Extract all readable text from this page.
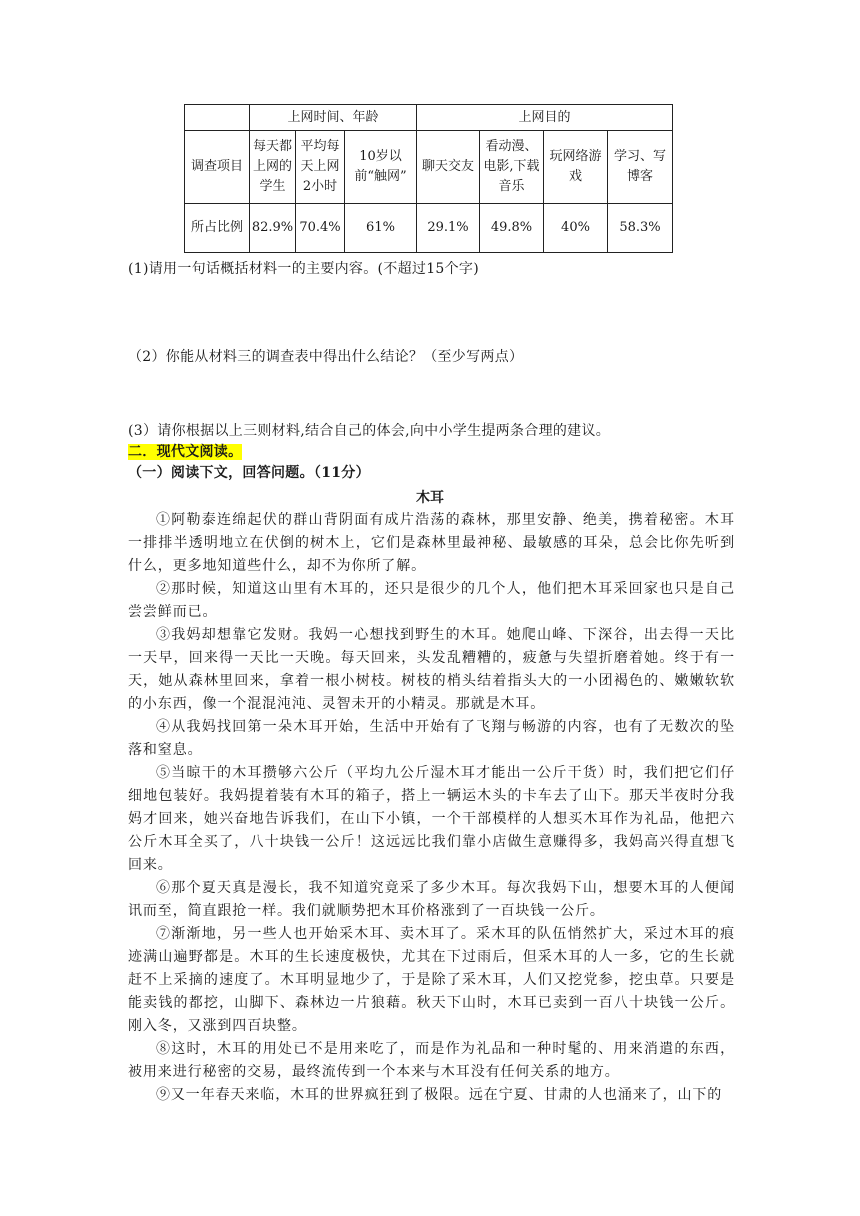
	上网时间、年龄			上网目的			
调查项目	每天都上网的学生	平均每天上网2小时	10岁以前“触网”	聊天交友	看动漫、电影,下载音乐	玩网络游戏	学习、写博客
所占比例	82.9%	70.4%	61%	29.1%	49.8%	40%	58.3%
(1)请用一句话概括材料一的主要内容。(不超过15个字)
（2）你能从材料三的调查表中得出什么结论？（至少写两点）
(3）请你根据以上三则材料,结合自己的体会,向中小学生提两条合理的建议。
二．现代文阅读。
（一）阅读下文，回答问题。（11分）
木耳

①阿勒泰连绵起伏的群山背阴面有成片浩荡的森林，那里安静、绝美，携着秘密。木耳一排排半透明地立在伏倒的树木上，它们是森林里最神秘、最敏感的耳朵，总会比你先听到什么，更多地知道些什么，却不为你所了解。

②那时候，知道这山里有木耳的，还只是很少的几个人，他们把木耳采回家也只是自己尝尝鲜而已。

③我妈却想靠它发财。我妈一心想找到野生的木耳。她爬山峰、下深谷，出去得一天比一天早，回来得一天比一天晚。每天回来，头发乱糟糟的，疲惫与失望折磨着她。终于有一天，她从森林里回来，拿着一根小树枝。树枝的梢头结着指头大的一小团褐色的、嫩嫩软软的小东西，像一个混混沌沌、灵智未开的小精灵。那就是木耳。

④从我妈找回第一朵木耳开始，生活中开始有了飞翔与畅游的内容，也有了无数次的坠落和窒息。

⑤当晾干的木耳攒够六公斤（平均九公斤湿木耳才能出一公斤干货）时，我们把它们仔细地包装好。我妈提着装有木耳的箱子，搭上一辆运木头的卡车去了山下。那天半夜时分我妈才回来，她兴奋地告诉我们，在山下小镇，一个干部模样的人想买木耳作为礼品，他把六公斤木耳全买了，八十块钱一公斤！这远远比我们靠小店做生意赚得多，我妈高兴得直想飞回来。

⑥那个夏天真是漫长，我不知道究竟采了多少木耳。每次我妈下山，想要木耳的人便闻讯而至，简直跟抢一样。我们就顺势把木耳价格涨到了一百块钱一公斤。

⑦渐渐地，另一些人也开始采木耳、卖木耳了。采木耳的队伍悄然扩大，采过木耳的痕迹满山遍野都是。木耳的生长速度极快，尤其在下过雨后，但采木耳的人一多，它的生长就赶不上采摘的速度了。木耳明显地少了，于是除了采木耳，人们又挖党参，挖虫草。只要是能卖钱的都挖，山脚下、森林边一片狼藉。秋天下山时，木耳已卖到一百八十块钱一公斤。刚入冬，又涨到四百块整。

⑧这时，木耳的用处已不是用来吃了，而是作为礼品和一种时髦的、用来消遣的东西，被用来进行秘密的交易，最终流传到一个本来与木耳没有任何关系的地方。

⑨又一年春天来临，木耳的世界疯狂到了极限。远在宁夏、甘肃的人也涌来了，山下的
